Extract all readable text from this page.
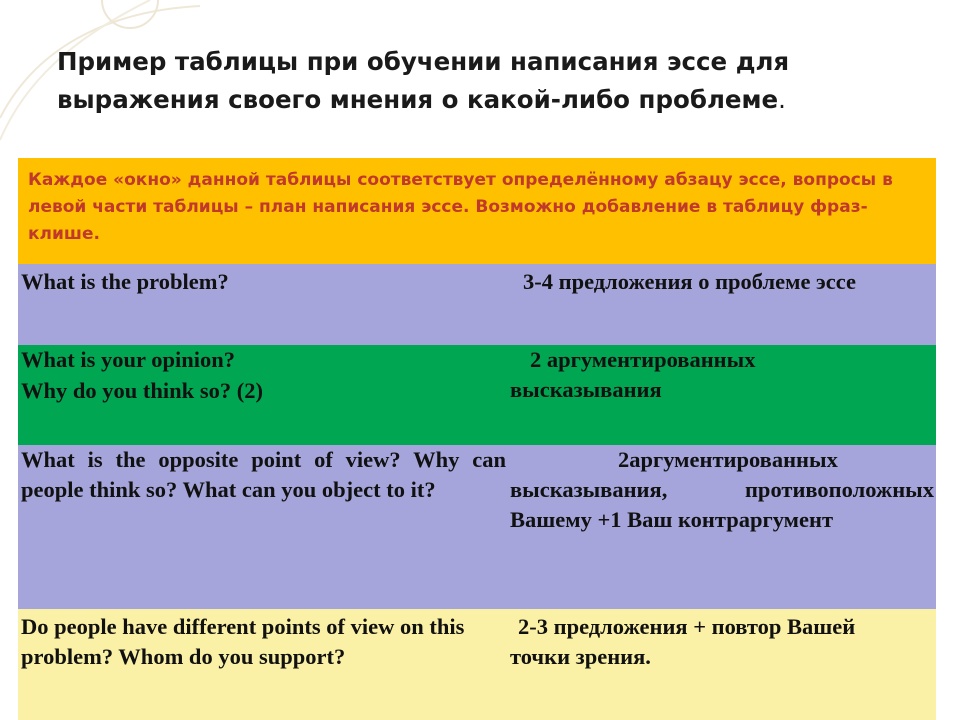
Пример таблицы при обучении написания эссе для выражения своего мнения о какой-либо проблеме.
Каждое «окно» данной таблицы соответствует определённому абзацу эссе, вопросы в левой части таблицы – план написания эссе. Возможно добавление в таблицу фраз-клише.

What is the problem?	3-4 предложения о проблеме эссе

What is your opinion?

Why do you think so? (2)

2 аргументированных

высказывания

What is the opposite point of view? Why can people think so? What can you object to it?

2аргументированных

высказывания, противоположных Вашему +1 Ваш контраргумент

Do people have different points of view on this problem? Whom do you support?

2-3 предложения + повтор Вашей

точки зрения.
